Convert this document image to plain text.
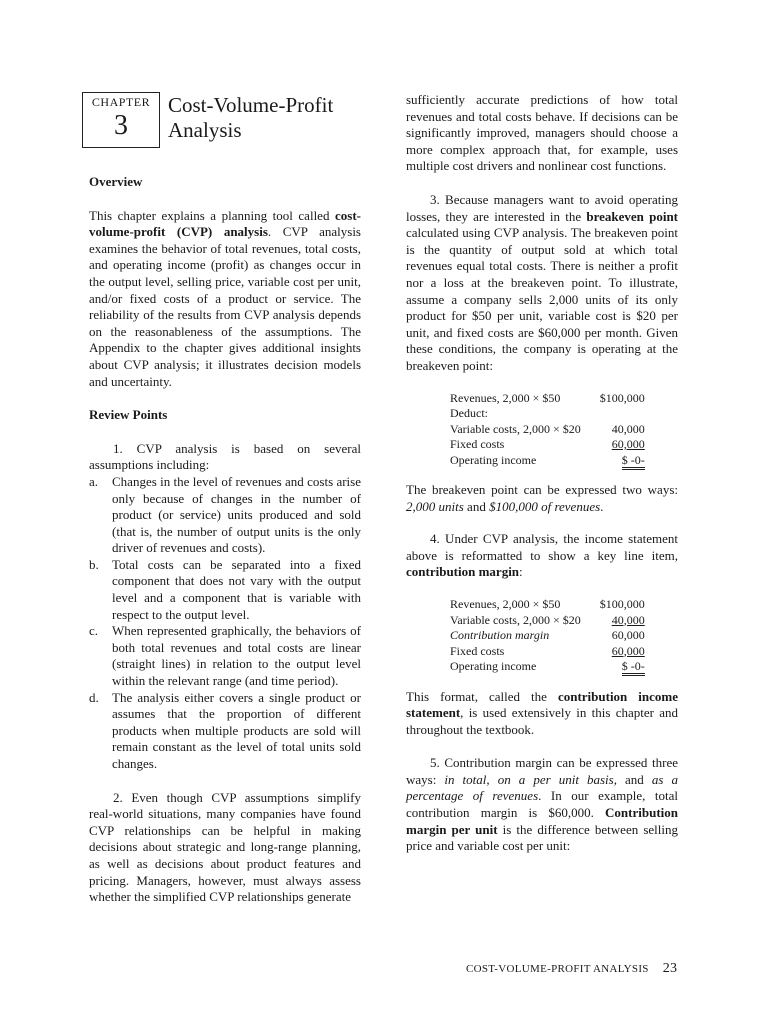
CHAPTER
3
Cost-Volume-Profit Analysis
Overview

This chapter explains a planning tool called cost-volume-profit (CVP) analysis. CVP analysis examines the behavior of total revenues, total costs, and operating income (profit) as changes occur in the output level, selling price, variable cost per unit, and/or fixed costs of a product or service. The reliability of the results from CVP analysis depends on the reasonableness of the assumptions. The Appendix to the chapter gives additional insights about CVP analysis; it illustrates decision models and uncertainty.

Review Points

1. CVP analysis is based on several assumptions including:

a. Changes in the level of revenues and costs arise only because of changes in the number of product (or service) units produced and sold (that is, the number of output units is the only driver of revenues and costs).
b. Total costs can be separated into a fixed component that does not vary with the output level and a component that is variable with respect to the output level.
c. When represented graphically, the behaviors of both total revenues and total costs are linear (straight lines) in relation to the output level within the relevant range (and time period).
d. The analysis either covers a single product or assumes that the proportion of different products when multiple products are sold will remain constant as the level of total units sold changes.

2. Even though CVP assumptions simplify real-world situations, many companies have found CVP relationships can be helpful in making decisions about strategic and long-range planning, as well as decisions about product features and pricing. Managers, however, must always assess whether the simplified CVP relationships generate

3. Because managers want to avoid operating losses, they are interested in the breakeven point calculated using CVP analysis. The breakeven point is the quantity of output sold at which total revenues equal total costs. There is neither a profit nor a loss at the breakeven point. To illustrate, assume a company sells 2,000 units of its only product for $50 per unit, variable cost is $20 per unit, and fixed costs are $60,000 per month. Given these conditions, the company is operating at the breakeven point:

Revenues, 2,000 × $50	$100,000
Deduct:	
Variable costs, 2,000 × $20	40,000
Fixed costs	60,000
Operating income	$ -0-

The breakeven point can be expressed two ways: 2,000 units and $100,000 of revenues.

4. Under CVP analysis, the income statement above is reformatted to show a key line item, contribution margin:

Revenues, 2,000 × $50	$100,000
Variable costs, 2,000 × $20	40,000
Contribution margin	60,000
Fixed costs	60,000
Operating income	$ -0-

This format, called the contribution income statement, is used extensively in this chapter and throughout the textbook.

5. Contribution margin can be expressed three ways: in total, on a per unit basis, and as a percentage of revenues. In our example, total contribution margin is $60,000. Contribution margin per unit is the difference between selling price and variable cost per unit:

sufficiently accurate predictions of how total revenues and total costs behave. If decisions can be significantly improved, managers should choose a more complex approach that, for example, uses multiple cost drivers and nonlinear cost functions.

COST-VOLUME-PROFIT ANALYSIS 23
